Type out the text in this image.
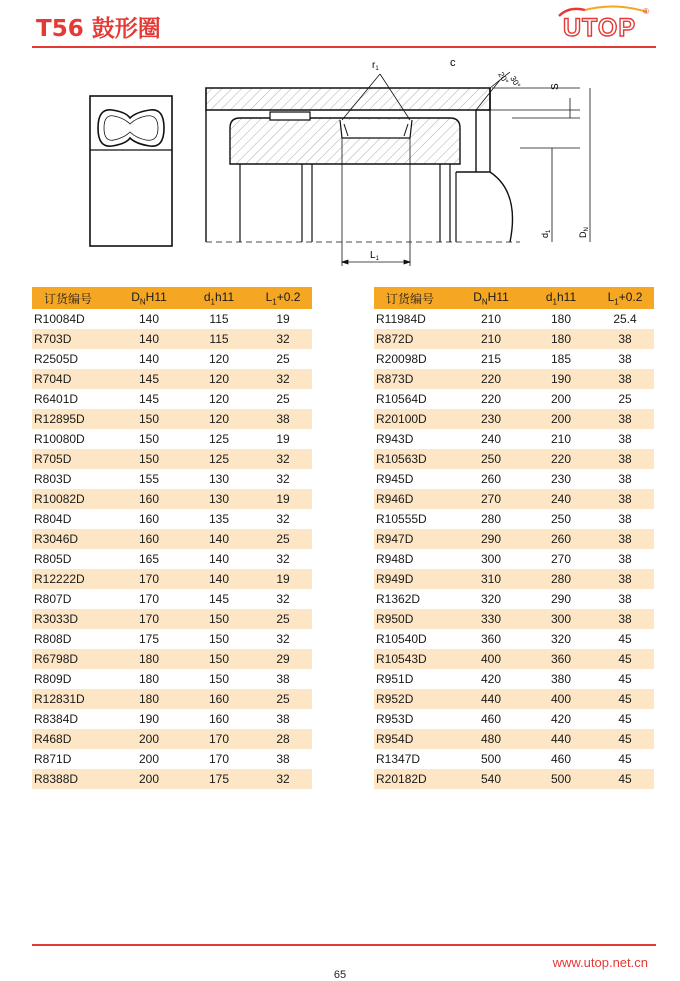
T56 鼓形圈	UTOP
®
$r_1$	c
20°
30°	S
$L_1$
$d_1$
$D_N$
订货编号	$D_NH11$	$d_1h11$	$L_1+0.2$
R10084D	140	115	19
R703D	140	115	32
R2505D	140	120	25
R704D	145	120	32
R6401D	145	120	25
R12895D	150	120	38
R10080D	150	125	19
R705D	150	125	32
R803D	155	130	32
R10082D	160	130	19
R804D	160	135	32
R3046D	160	140	25
R805D	165	140	32
R12222D	170	140	19
R807D	170	145	32
R3033D	170	150	25
R808D	175	150	32
R6798D	180	150	29
R809D	180	150	38
R12831D	180	160	25
R8384D	190	160	38
R468D	200	170	28
R871D	200	170	38
R8388D	200	175	32
订货编号	$D_NH11$	$d_1h11$	$L_1+0.2$
R11984D	210	180	25.4
R872D	210	180	38
R20098D	215	185	38
R873D	220	190	38
R10564D	220	200	25
R20100D	230	200	38
R943D	240	210	38
R10563D	250	220	38
R945D	260	230	38
R946D	270	240	38
R10555D	280	250	38
R947D	290	260	38
R948D	300	270	38
R949D	310	280	38
R1362D	320	290	38
R950D	330	300	38
R10540D	360	320	45
R10543D	400	360	45
R951D	420	380	45
R952D	440	400	45
R953D	460	420	45
R954D	480	440	45
R1347D	500	460	45
R20182D	540	500	45
www.utop.net.cn
65
